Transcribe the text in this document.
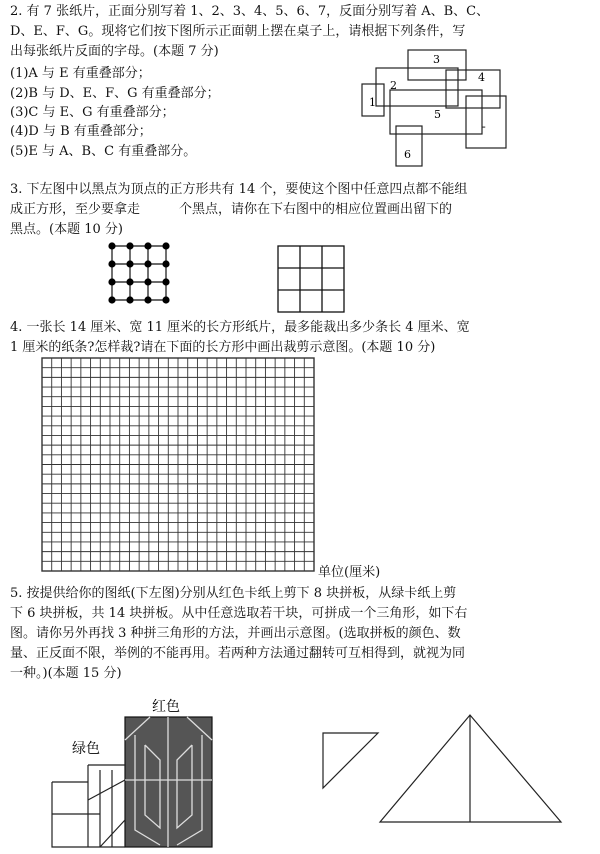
2. 有 7 张纸片，正面分别写着 1、2、3、4、5、6、7，反面分别写着 A、B、C、
D、E、F、G。现将它们按下图所示正面朝上摆在桌子上，请根据下列条件，写
出每张纸片反面的字母。(本题 7 分)
(1)A 与 E 有重叠部分；
(2)B 与 D、E、F、G 有重叠部分；
(3)C 与 E、G 有重叠部分；
(4)D 与 B 有重叠部分；
(5)E 与 A、B、C 有重叠部分。
3
2
4
1
5
-
6
3. 下左图中以黑点为顶点的正方形共有 14 个，要使这个图中任意四点都不能组
成正方形，至少要拿走　　　个黑点，请你在下右图中的相应位置画出留下的
黑点。(本题 10 分)
4. 一张长 14 厘米、宽 11 厘米的长方形纸片，最多能裁出多少条长 4 厘米、宽
1 厘米的纸条?怎样裁?请在下面的长方形中画出裁剪示意图。(本题 10 分)
单位(厘米)
5. 按提供给你的图纸(下左图)分别从红色卡纸上剪下 8 块拼板，从绿卡纸上剪
下 6 块拼板，共 14 块拼板。从中任意选取若干块，可拼成一个三角形，如下右
图。请你另外再找 3 种拼三角形的方法，并画出示意图。(选取拼板的颜色、数
量、正反面不限，举例的不能再用。若两种方法通过翻转可互相得到，就视为同
一种。)(本题 15 分)
红色
绿色
